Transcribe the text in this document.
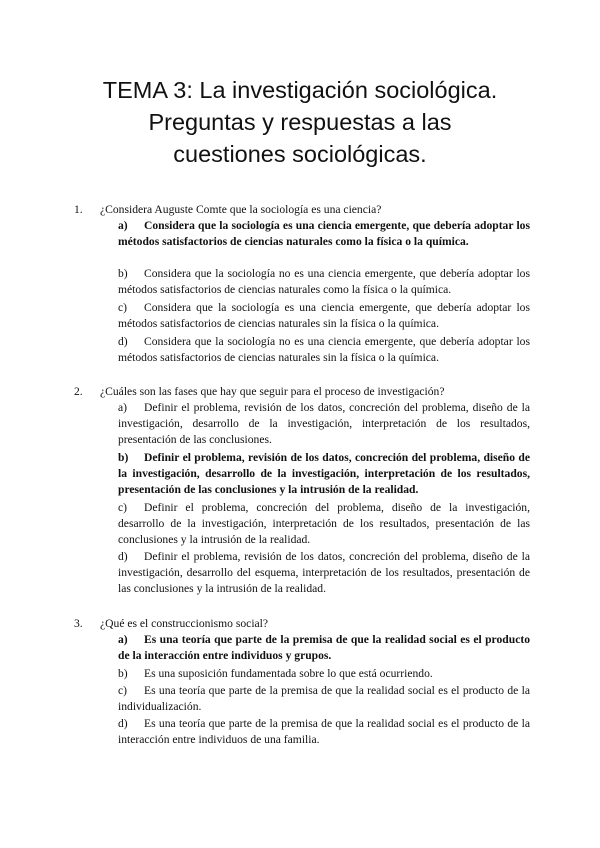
TEMA 3: La investigación sociológica.
Preguntas y respuestas a las
cuestiones sociológicas.
1. ¿Considera Auguste Comte que la sociología es una ciencia?
a) Considera que la sociología es una ciencia emergente, que debería adoptar los métodos satisfactorios de ciencias naturales como la física o la química.
b) Considera que la sociología no es una ciencia emergente, que debería adoptar los métodos satisfactorios de ciencias naturales como la física o la química.
c) Considera que la sociología es una ciencia emergente, que debería adoptar los métodos satisfactorios de ciencias naturales sin la física o la química.
d) Considera que la sociología no es una ciencia emergente, que debería adoptar los métodos satisfactorios de ciencias naturales sin la física o la química.
2. ¿Cuáles son las fases que hay que seguir para el proceso de investigación?
a) Definir el problema, revisión de los datos, concreción del problema, diseño de la investigación, desarrollo de la investigación, interpretación de los resultados, presentación de las conclusiones.
b) Definir el problema, revisión de los datos, concreción del problema, diseño de la investigación, desarrollo de la investigación, interpretación de los resultados, presentación de las conclusiones y la intrusión de la realidad.
c) Definir el problema, concreción del problema, diseño de la investigación, desarrollo de la investigación, interpretación de los resultados, presentación de las conclusiones y la intrusión de la realidad.
d) Definir el problema, revisión de los datos, concreción del problema, diseño de la investigación, desarrollo del esquema, interpretación de los resultados, presentación de las conclusiones y la intrusión de la realidad.
3. ¿Qué es el construccionismo social?
a) Es una teoría que parte de la premisa de que la realidad social es el producto de la interacción entre individuos y grupos.
b) Es una suposición fundamentada sobre lo que está ocurriendo.
c) Es una teoría que parte de la premisa de que la realidad social es el producto de la individualización.
d) Es una teoría que parte de la premisa de que la realidad social es el producto de la interacción entre individuos de una familia.
